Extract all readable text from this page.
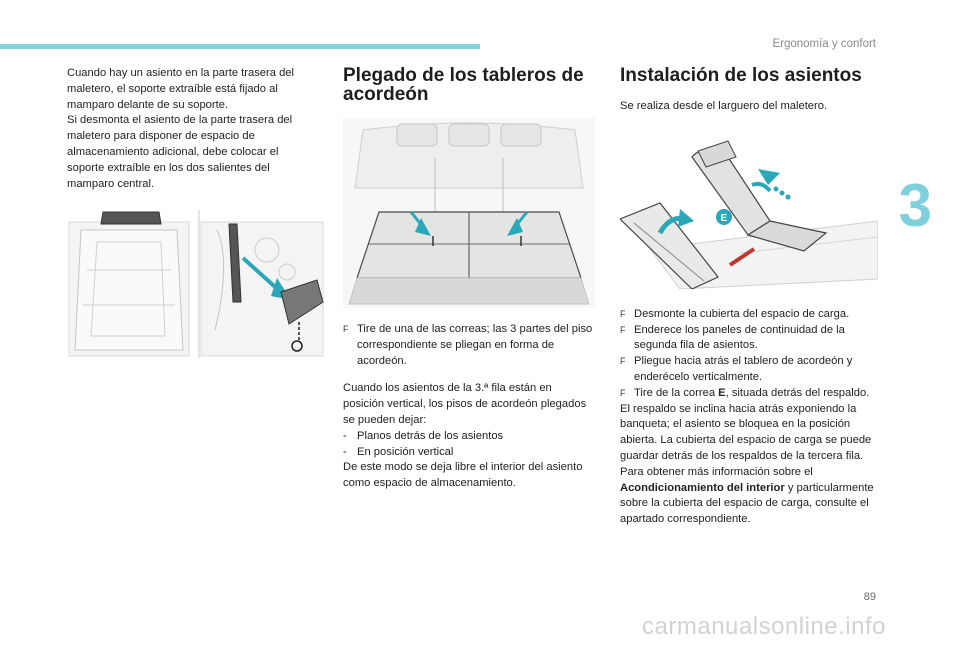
Ergonomía y confort
3

Cuando hay un asiento en la parte trasera del maletero, el soporte extraíble está fijado al mamparo delante de su soporte.

Si desmonta el asiento de la parte trasera del maletero para disponer de espacio de almacenamiento adicional, debe colocar el soporte extraíble en los dos salientes del mamparo central.

Plegado de los tableros de acordeón
F Tire de una de las correas; las 3 partes del piso correspondiente se pliegan en forma de acordeón.

Cuando los asientos de la 3.ª fila están en posición vertical, los pisos de acordeón plegados se pueden dejar:

- Planos detrás de los asientos
- En posición vertical

De este modo se deja libre el interior del asiento como espacio de almacenamiento.

Instalación de los asientos

Se realiza desde el larguero del maletero.

E
F Desmonte la cubierta del espacio de carga.
F Enderece los paneles de continuidad de la segunda fila de asientos.
F Pliegue hacia atrás el tablero de acordeón y enderécelo verticalmente.
F Tire de la correa E, situada detrás del respaldo.

El respaldo se inclina hacia atrás exponiendo la banqueta; el asiento se bloquea en la posición abierta. La cubierta del espacio de carga se puede guardar detrás de los respaldos de la tercera fila.

Para obtener más información sobre el Acondicionamiento del interior y particularmente sobre la cubierta del espacio de carga, consulte el apartado correspondiente.

89
carmanualsonline.info
